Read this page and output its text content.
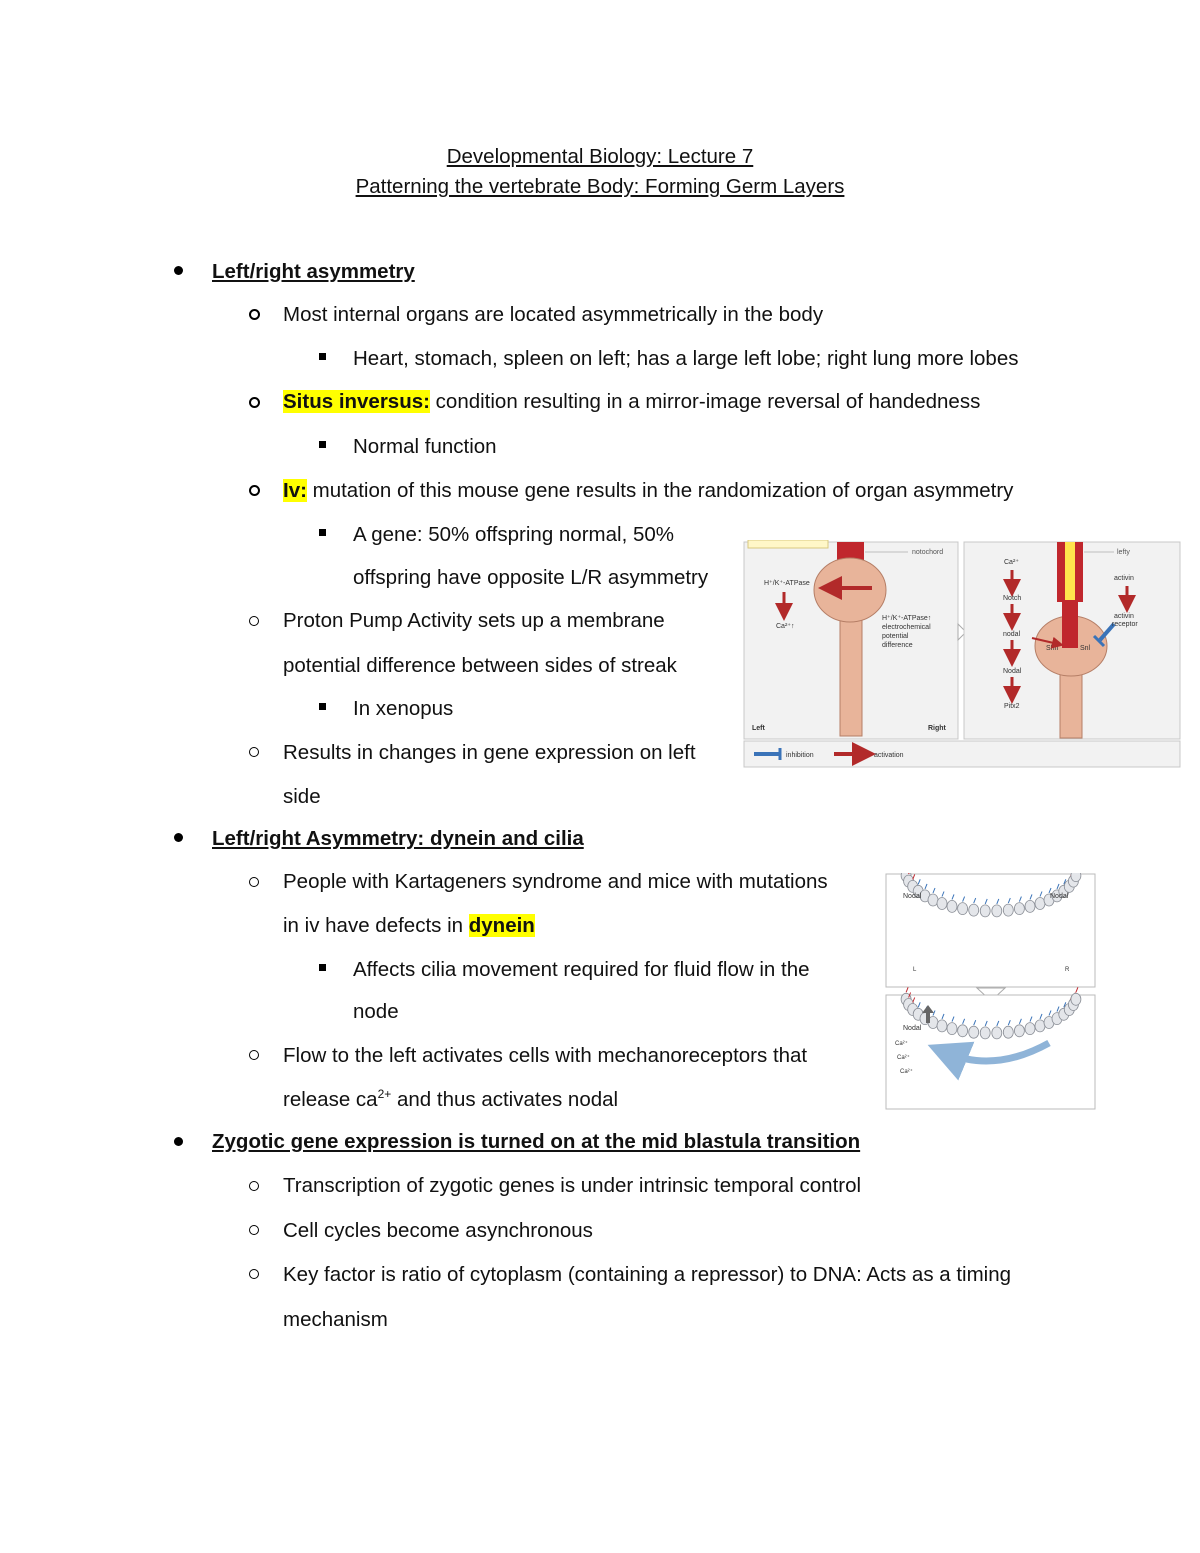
Developmental Biology: Lecture 7
Patterning the vertebrate Body: Forming Germ Layers
Left/right asymmetry
Most internal organs are located asymmetrically in the body
Heart, stomach, spleen on left; has a large left lobe; right lung more lobes
Situs inversus: condition resulting in a mirror-image reversal of handedness
Normal function
Iv: mutation of this mouse gene results in the randomization of organ asymmetry
A gene: 50% offspring normal, 50%
offspring have opposite L/R asymmetry
Proton Pump Activity sets up a membrane
potential difference between sides of streak
In xenopus
Results in changes in gene expression on left
side
Left/right Asymmetry: dynein and cilia
People with Kartageners syndrome and mice with mutations
in iv have defects in dynein
Affects cilia movement required for fluid flow in the
node
Flow to the left activates cells with mechanoreceptors that
release $ca^{2+}$ and thus activates nodal
Zygotic gene expression is turned on at the mid blastula transition
Transcription of zygotic genes is under intrinsic temporal control
Cell cycles become asynchronous
Key factor is ratio of cytoplasm (containing a repressor) to DNA: Acts as a timing
mechanism
notochord
H⁺/K⁺-ATPase
Ca²⁺↑
H⁺/K⁺-ATPase↑
electrochemical
potential
difference
Left	Right
Shh	Snl
Ca²⁺
Notch
nodal
Nodal
Pitx2
lefty
activin
activin
receptor
inhibition	activation
Nodal	Nodal
L	R
Nodal
Ca²⁺
Ca²⁺
Ca²⁺
